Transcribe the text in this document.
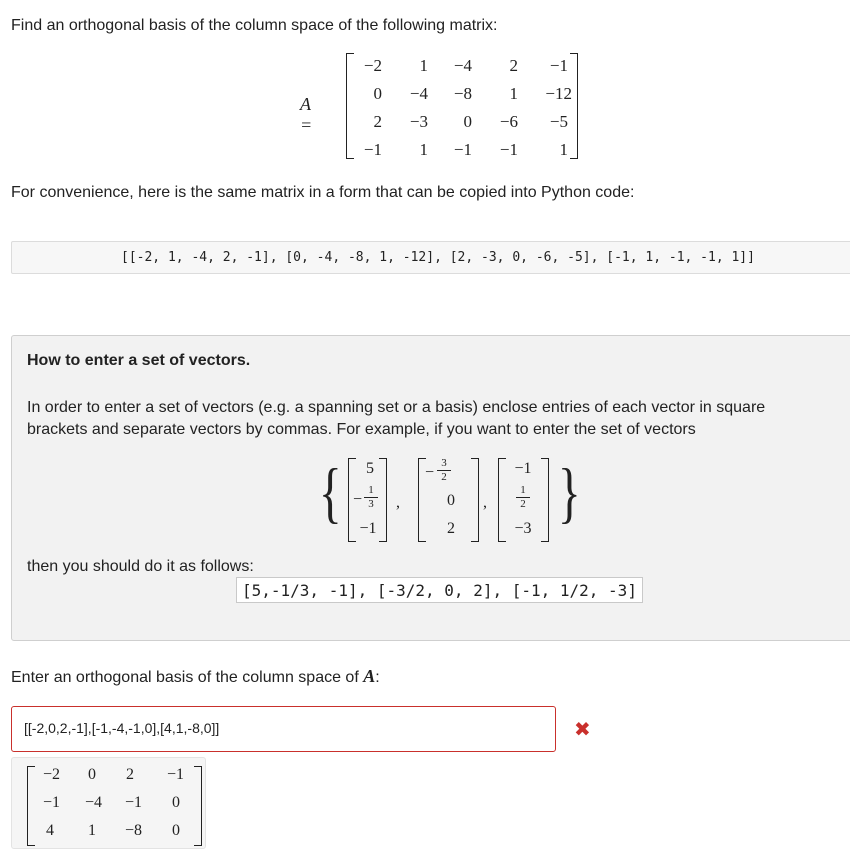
Find an orthogonal basis of the column space of the following matrix:
A =
−2	1	−4	2	−1
0	−4	−8	1	−12
2	−3	0	−6	−5
−1	1	−1	−1	1
For convenience, here is the same matrix in a form that can be copied into Python code:
[[-2, 1, -4, 2, -1], [0, -4, -8, 1, -12], [2, -3, 0, -6, -5], [-1, 1, -1, -1, 1]]
How to enter a set of vectors.
In order to enter a set of vectors (e.g. a spanning set or a basis) enclose entries of each vector in square
brackets and separate vectors by commas. For example, if you want to enter the set of vectors
{	}
5
−
1
3
−1
,
−
3
2
0
2
,
−1
1
2
−3
then you should do it as follows:
[5,-1/3, -1], [-3/2, 0, 2], [-1, 1/2, -3]
Enter an orthogonal basis of the column space of A:
[[-2,0,2,-1],[-1,-4,-1,0],[4,1,-8,0]]	✖
−2	0	2	−1
−1	−4	−1	0
4	1	−8	0
